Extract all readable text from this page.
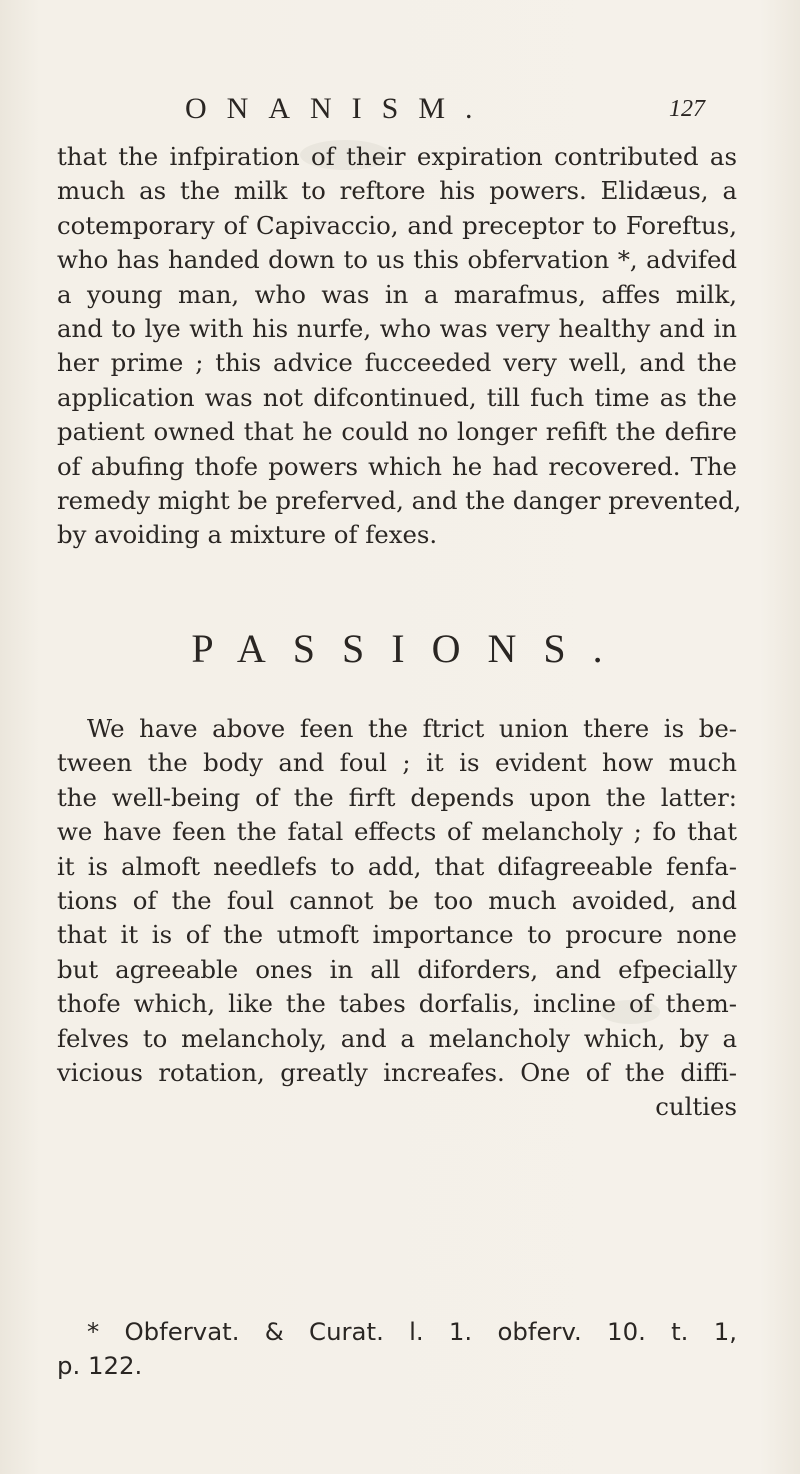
ONANISM.	127
that the infpiration of their expiration contributed as
much as the milk to reftore his powers. Elidæus, a
cotemporary of Capivaccio, and preceptor to Foreftus,
who has handed down to us this obfervation *, advifed
a young man, who was in a marafmus, affes milk,
and to lye with his nurfe, who was very healthy and in
her prime ; this advice fucceeded very well, and the
application was not difcontinued, till fuch time as the
patient owned that he could no longer refift the defire
of abufing thofe powers which he had recovered. The
remedy might be preferved, and the danger prevented,
by avoiding a mixture of fexes.
PASSIONS.
We have above feen the ftrict union there is be-
tween the body and foul ; it is evident how much
the well-being of the firft depends upon the latter:
we have feen the fatal effects of melancholy ; fo that
it is almoft needlefs to add, that difagreeable fenfa-
tions of the foul cannot be too much avoided, and
that it is of the utmoft importance to procure none
but agreeable ones in all diforders, and efpecially
thofe which, like the tabes dorfalis, incline of them-
felves to melancholy, and a melancholy which, by a
vicious rotation, greatly increafes. One of the diffi-
culties
* Obfervat. & Curat. l. 1. obferv. 10. t. 1,
p. 122.
